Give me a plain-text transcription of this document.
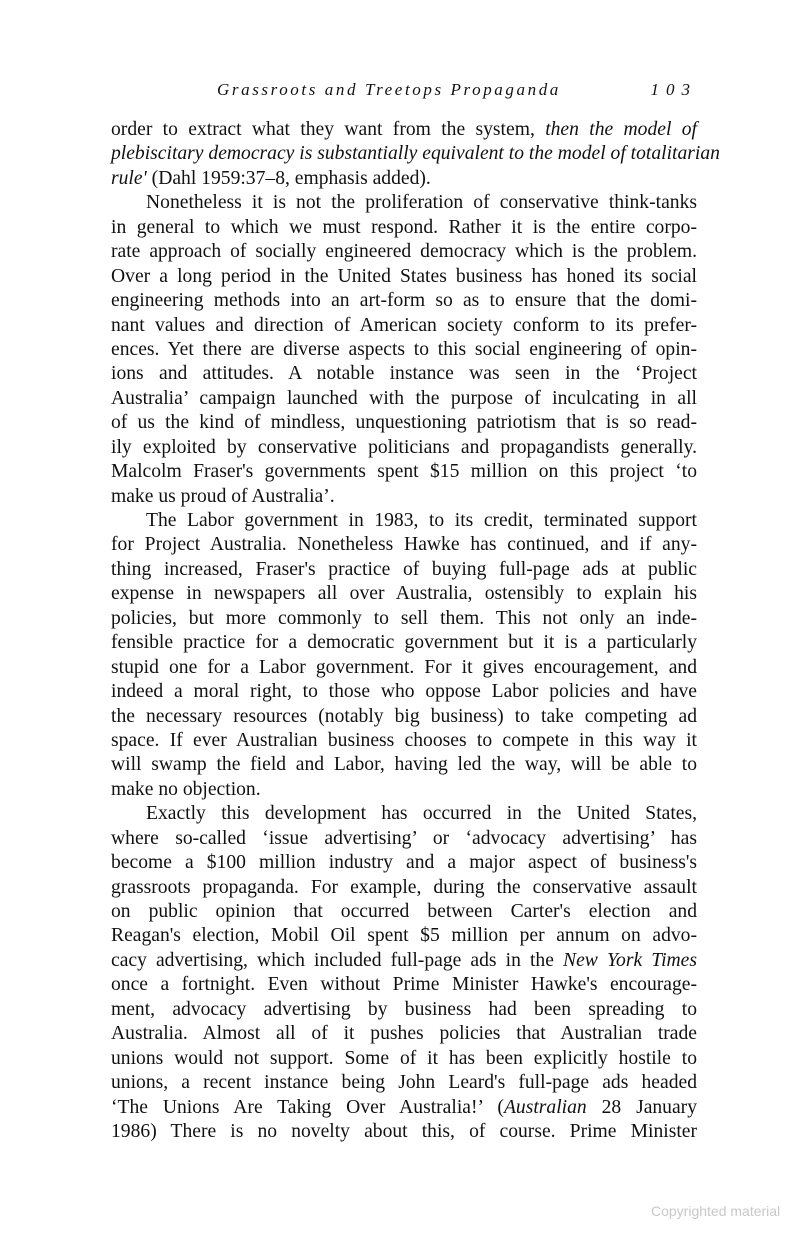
Grassroots and Treetops Propaganda	103
order to extract what they want from the system, then the model of
plebiscitary democracy is substantially equivalent to the model of totalitarian
rule' (Dahl 1959:37–8, emphasis added).
Nonetheless it is not the proliferation of conservative think-tanks
in general to which we must respond. Rather it is the entire corpo-
rate approach of socially engineered democracy which is the problem.
Over a long period in the United States business has honed its social
engineering methods into an art-form so as to ensure that the domi-
nant values and direction of American society conform to its prefer-
ences. Yet there are diverse aspects to this social engineering of opin-
ions and attitudes. A notable instance was seen in the ‘Project
Australia’ campaign launched with the purpose of inculcating in all
of us the kind of mindless, unquestioning patriotism that is so read-
ily exploited by conservative politicians and propagandists generally.
Malcolm Fraser's governments spent $15 million on this project ‘to
make us proud of Australia’.
The Labor government in 1983, to its credit, terminated support
for Project Australia. Nonetheless Hawke has continued, and if any-
thing increased, Fraser's practice of buying full-page ads at public
expense in newspapers all over Australia, ostensibly to explain his
policies, but more commonly to sell them. This not only an inde-
fensible practice for a democratic government but it is a particularly
stupid one for a Labor government. For it gives encouragement, and
indeed a moral right, to those who oppose Labor policies and have
the necessary resources (notably big business) to take competing ad
space. If ever Australian business chooses to compete in this way it
will swamp the field and Labor, having led the way, will be able to
make no objection.
Exactly this development has occurred in the United States,
where so-called ‘issue advertising’ or ‘advocacy advertising’ has
become a $100 million industry and a major aspect of business's
grassroots propaganda. For example, during the conservative assault
on public opinion that occurred between Carter's election and
Reagan's election, Mobil Oil spent $5 million per annum on advo-
cacy advertising, which included full-page ads in the New York Times
once a fortnight. Even without Prime Minister Hawke's encourage-
ment, advocacy advertising by business had been spreading to
Australia. Almost all of it pushes policies that Australian trade
unions would not support. Some of it has been explicitly hostile to
unions, a recent instance being John Leard's full-page ads headed
‘The Unions Are Taking Over Australia!’ (Australian 28 January
1986) There is no novelty about this, of course. Prime Minister
Copyrighted material
